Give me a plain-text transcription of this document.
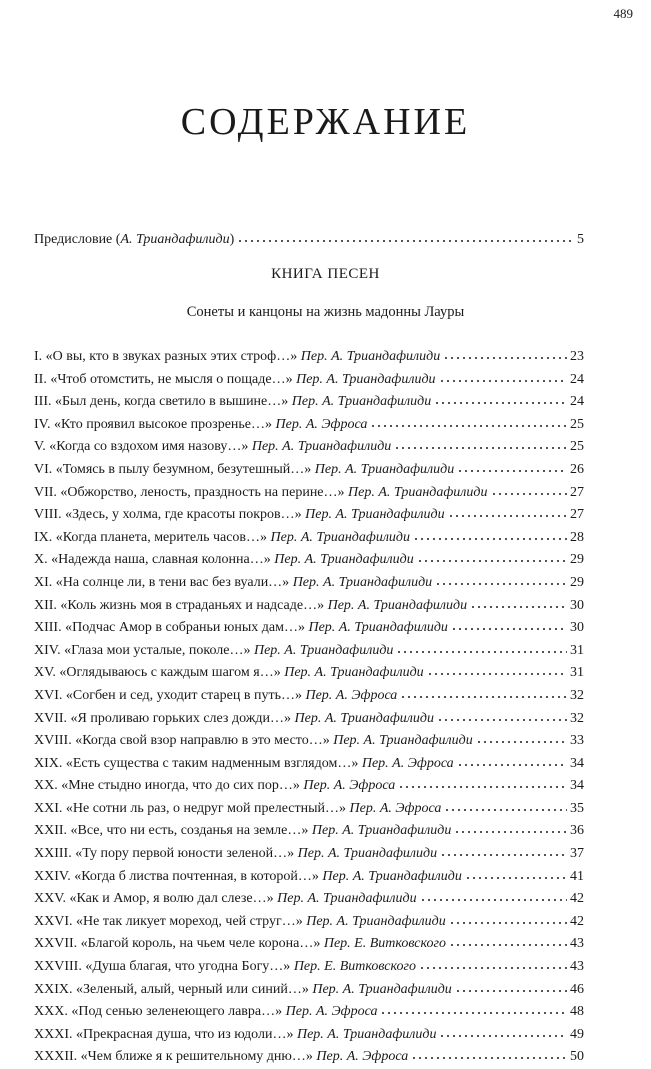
489
СОДЕРЖАНИЕ
Предисловие (А. Триандафилиди)	5
КНИГА ПЕСЕН
Сонеты и канцоны на жизнь мадонны Лауры
I. «О вы, кто в звуках разных этих строф…» Пер. А. Триандафилиди	23
II. «Чтоб отомстить, не мысля о пощаде…» Пер. А. Триандафилиди	24
III. «Был день, когда светило в вышине…» Пер. А. Триандафилиди	24
IV. «Кто проявил высокое прозренье…» Пер. А. Эфроса	25
V. «Когда со вздохом имя назову…» Пер. А. Триандафилиди	25
VI. «Томясь в пылу безумном, безутешный…» Пер. А. Триандафилиди	26
VII. «Обжорство, леность, праздность на перине…» Пер. А. Триандафилиди	27
VIII. «Здесь, у холма, где красоты покров…» Пер. А. Триандафилиди	27
IX. «Когда планета, меритель часов…» Пер. А. Триандафилиди	28
X. «Надежда наша, славная колонна…» Пер. А. Триандафилиди	29
XI. «На солнце ли, в тени вас без вуали…» Пер. А. Триандафилиди	29
XII. «Коль жизнь моя в страданьях и надсаде…» Пер. А. Триандафилиди	30
XIII. «Подчас Амор в собраньи юных дам…» Пер. А. Триандафилиди	30
XIV. «Глаза мои усталые, поколе…» Пер. А. Триандафилиди	31
XV. «Оглядываюсь с каждым шагом я…» Пер. А. Триандафилиди	31
XVI. «Согбен и сед, уходит старец в путь…» Пер. А. Эфроса	32
XVII. «Я проливаю горьких слез дожди…» Пер. А. Триандафилиди	32
XVIII. «Когда свой взор направлю в это место…» Пер. А. Триандафилиди	33
XIX. «Есть существа с таким надменным взглядом…» Пер. А. Эфроса	34
XX. «Мне стыдно иногда, что до сих пор…» Пер. А. Эфроса	34
XXI. «Не сотни ль раз, о недруг мой прелестный…» Пер. А. Эфроса	35
XXII. «Все, что ни есть, созданья на земле…» Пер. А. Триандафилиди	36
XXIII. «Ту пору первой юности зеленой…» Пер. А. Триандафилиди	37
XXIV. «Когда б листва почтенная, в которой…» Пер. А. Триандафилиди	41
XXV. «Как и Амор, я волю дал слезе…» Пер. А. Триандафилиди	42
XXVI. «Не так ликует мореход, чей струг…» Пер. А. Триандафилиди	42
XXVII. «Благой король, на чьем челе корона…» Пер. Е. Витковского	43
XXVIII. «Душа благая, что угодна Богу…» Пер. Е. Витковского	43
XXIX. «Зеленый, алый, черный или синий…» Пер. А. Триандафилиди	46
XXX. «Под сенью зеленеющего лавра…» Пер. А. Эфроса	48
XXXI. «Прекрасная душа, что из юдоли…» Пер. А. Триандафилиди	49
XXXII. «Чем ближе я к решительному дню…» Пер. А. Эфроса	50
